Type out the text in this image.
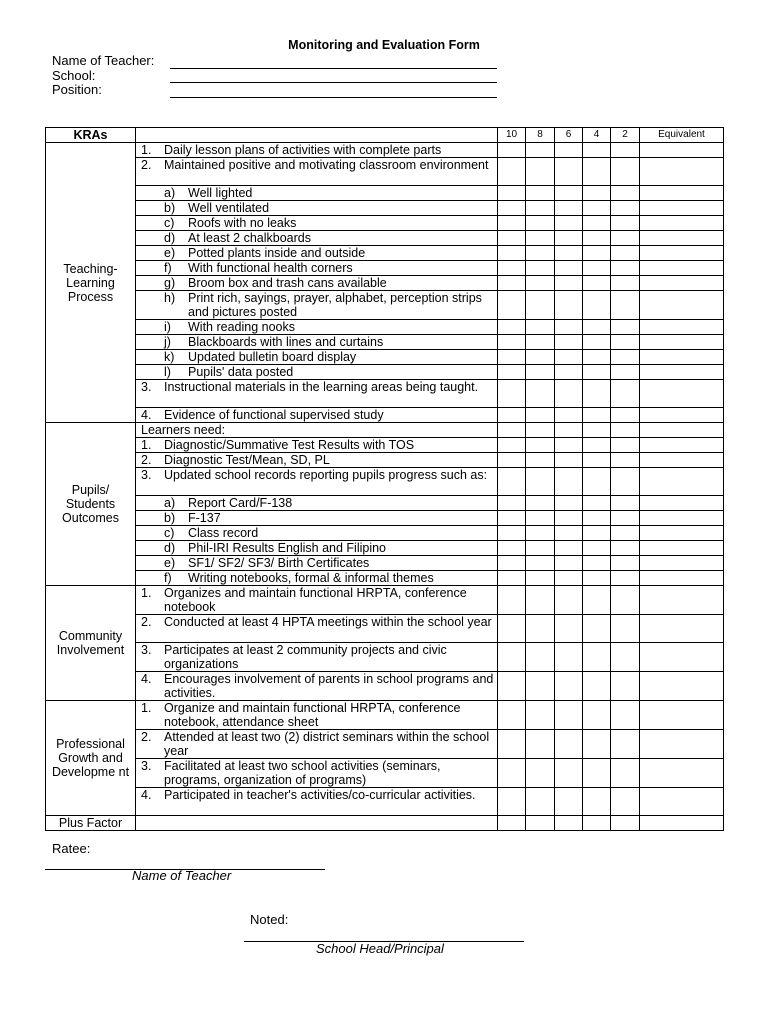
Monitoring and Evaluation Form
Name of Teacher:
School:
Position:
KRAs		10	8	6	4	2	Equivalent
Teaching-Learning Process	1. Daily lesson plans of activities with complete parts						

	2. Maintained positive and motivating classroom environment						

	a) Well lighted						

	b) Well ventilated						

	c) Roofs with no leaks						

	d) At least 2 chalkboards						

	e) Potted plants inside and outside						

	f) With functional health corners						

	g) Broom box and trash cans available						

	h) Print rich, sayings, prayer, alphabet, perception strips and pictures posted						

	i) With reading nooks						

	j) Blackboards with lines and curtains						

	k) Updated bulletin board display						

	l) Pupils' data posted						

	3. Instructional materials in the learning areas being taught.						

	4. Evidence of functional supervised study						

Pupils/ Students Outcomes	Learners need:						

	1. Diagnostic/Summative Test Results with TOS						

	2. Diagnostic Test/Mean, SD, PL						

	3. Updated school records reporting pupils progress such as:						

	a) Report Card/F-138						

	b) F-137						

	c) Class record						

	d) Phil-IRI Results English and Filipino						

	e) SF1/ SF2/ SF3/ Birth Certificates						

	f) Writing notebooks, formal & informal themes						

Community Involvement	1. Organizes and maintain functional HRPTA, conference notebook						

	2. Conducted at least 4 HPTA meetings within the school year						

	3. Participates at least 2 community projects and civic organizations						

	4. Encourages involvement of parents in school programs and activities.						

Professional Growth and Developme nt	1. Organize and maintain functional HRPTA, conference notebook, attendance sheet						

	2. Attended at least two (2) district seminars within the school year						

	3. Facilitated at least two school activities (seminars, programs, organization of programs)						

	4. Participated in teacher's activities/co-curricular activities.						

Plus Factor							
Ratee:
Name of Teacher
Noted:
School Head/Principal
